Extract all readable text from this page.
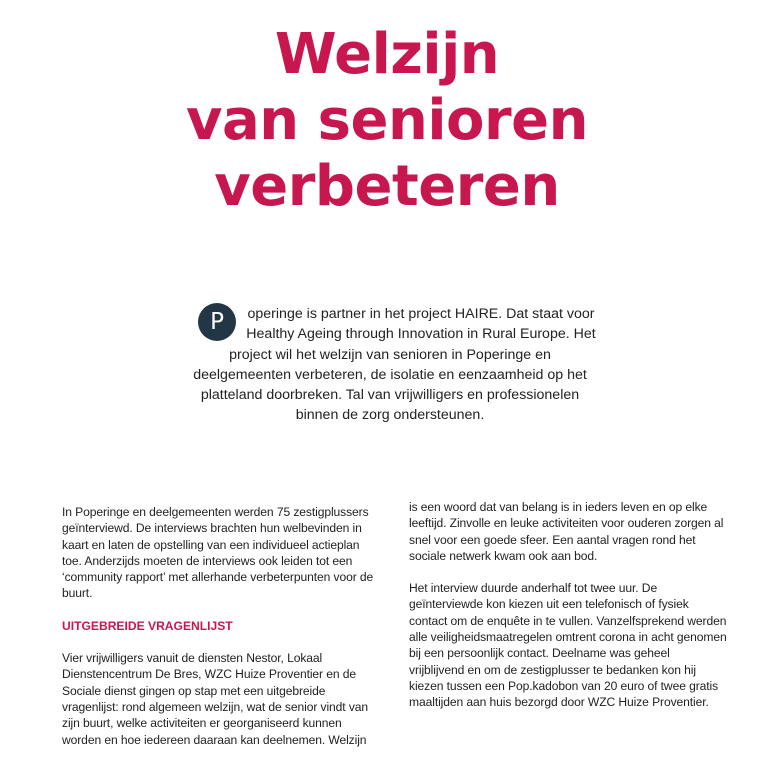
Welzijn
van senioren
verbeteren
P	operinge is partner in het project HAIRE. Dat staat voor Healthy Ageing through Innovation in Rural Europe. Het project wil het welzijn van senioren in Poperinge en deelgemeenten verbeteren, de isolatie en eenzaamheid op het platteland doorbreken. Tal van vrijwilligers en professionelen binnen de zorg ondersteunen.

In Poperinge en deelgemeenten werden 75 zestigplussers geïnterviewd. De interviews brachten hun welbevinden in kaart en laten de opstelling van een individueel actieplan toe. Anderzijds moeten de interviews ook leiden tot een ‘community rapport’ met allerhande verbeterpunten voor de buurt.

UITGEBREIDE VRAGENLIJST

Vier vrijwilligers vanuit de diensten Nestor, Lokaal Dienstencentrum De Bres, WZC Huize Proventier en de Sociale dienst gingen op stap met een uitgebreide vragenlijst: rond algemeen welzijn, wat de senior vindt van zijn buurt, welke activiteiten er georganiseerd kunnen worden en hoe iedereen daaraan kan deelnemen. Welzijn

is een woord dat van belang is in ieders leven en op elke leeftijd. Zinvolle en leuke activiteiten voor ouderen zorgen al snel voor een goede sfeer. Een aantal vragen rond het sociale netwerk kwam ook aan bod.

Het interview duurde anderhalf tot twee uur. De geïnterviewde kon kiezen uit een telefonisch of fysiek contact om de enquête in te vullen. Vanzelfsprekend werden alle veiligheidsmaatregelen omtrent corona in acht genomen bij een persoonlijk contact. Deelname was geheel vrijblijvend en om de zestigplusser te bedanken kon hij kiezen tussen een Pop.kadobon van 20 euro of twee gratis maaltijden aan huis bezorgd door WZC Huize Proventier.
